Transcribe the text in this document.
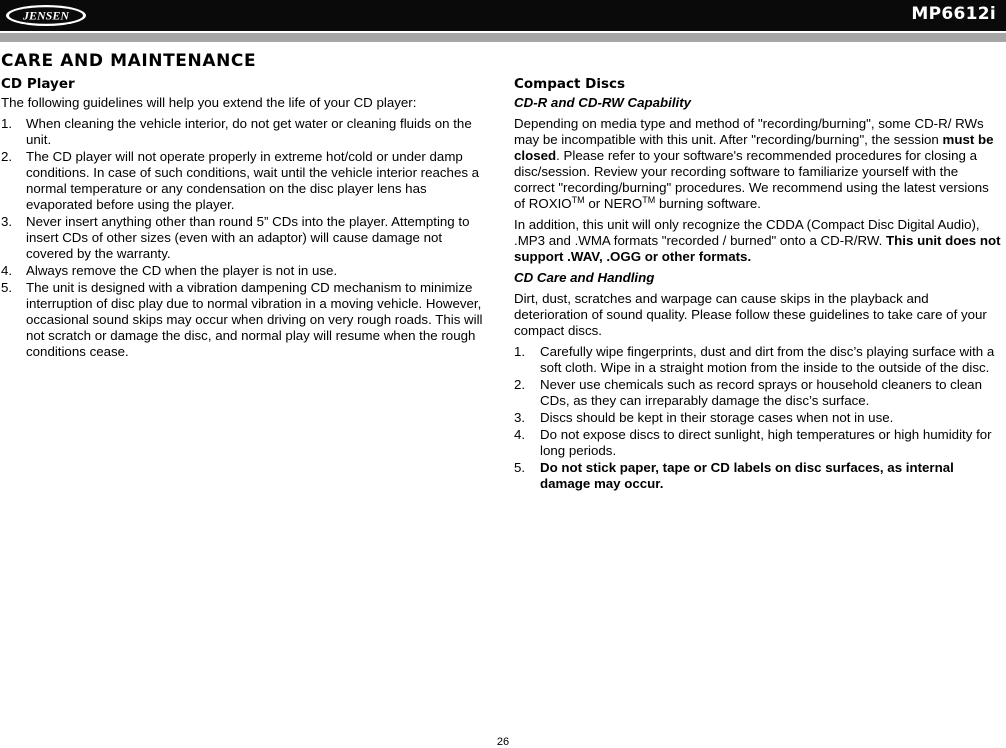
JENSEN	MP6612i
CARE AND MAINTENANCE
CD Player

The following guidelines will help you extend the life of your CD player:

1. When cleaning the vehicle interior, do not get water or cleaning fluids on the unit.
2. The CD player will not operate properly in extreme hot/cold or under damp conditions. In case of such conditions, wait until the vehicle interior reaches a normal temperature or any condensation on the disc player lens has evaporated before using the player.
3. Never insert anything other than round 5” CDs into the player. Attempting to insert CDs of other sizes (even with an adaptor) will cause damage not covered by the warranty.
4. Always remove the CD when the player is not in use.
5. The unit is designed with a vibration dampening CD mechanism to minimize interruption of disc play due to normal vibration in a moving vehicle. However, occasional sound skips may occur when driving on very rough roads. This will not scratch or damage the disc, and normal play will resume when the rough conditions cease.
Compact Discs
CD-R and CD-RW Capability

Depending on media type and method of "recording/burning", some CD-R/ RWs may be incompatible with this unit. After "recording/burning", the session must be closed. Please refer to your software's recommended procedures for closing a disc/session. Review your recording software to familiarize yourself with the correct "recording/burning" procedures. We recommend using the latest versions of ROXIO™ or NERO™ burning software.

In addition, this unit will only recognize the CDDA (Compact Disc Digital Audio), .MP3 and .WMA formats "recorded / burned" onto a CD-R/RW. This unit does not support .WAV, .OGG or other formats.

CD Care and Handling

Dirt, dust, scratches and warpage can cause skips in the playback and deterioration of sound quality. Please follow these guidelines to take care of your compact discs.

1. Carefully wipe fingerprints, dust and dirt from the disc’s playing surface with a soft cloth. Wipe in a straight motion from the inside to the outside of the disc.
2. Never use chemicals such as record sprays or household cleaners to clean CDs, as they can irreparably damage the disc’s surface.
3. Discs should be kept in their storage cases when not in use.
4. Do not expose discs to direct sunlight, high temperatures or high humidity for long periods.
5. Do not stick paper, tape or CD labels on disc surfaces, as internal damage may occur.
26
